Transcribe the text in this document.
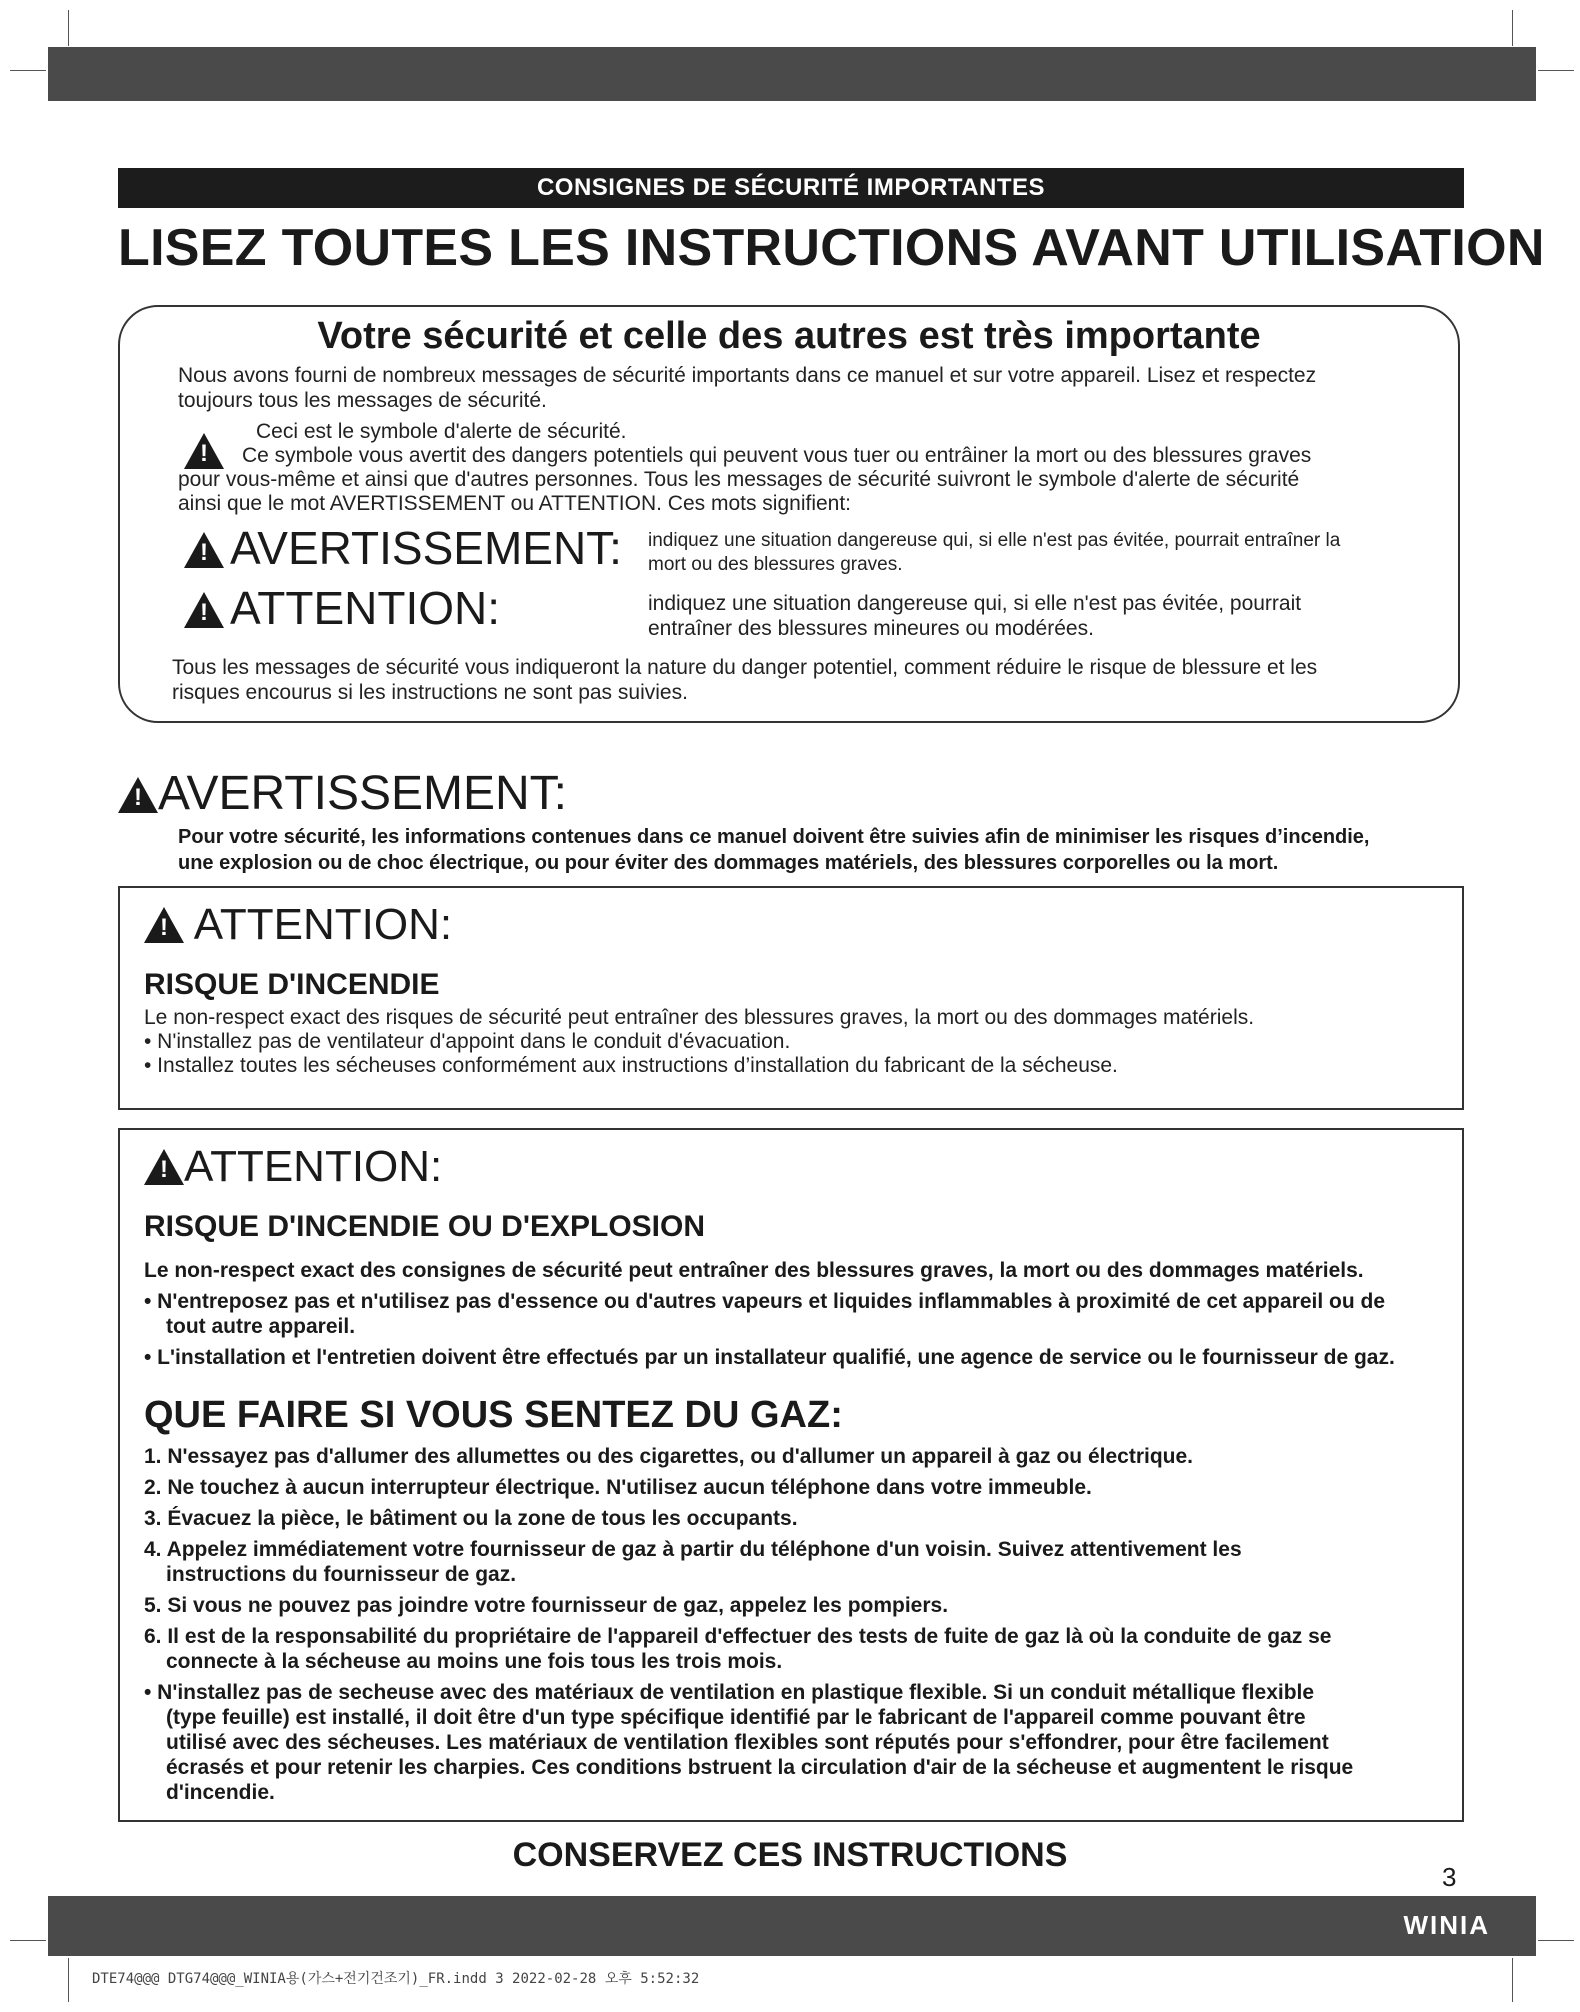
CONSIGNES DE SÉCURITÉ IMPORTANTES
LISEZ TOUTES LES INSTRUCTIONS AVANT UTILISATION
Votre sécurité et celle des autres est très importante
Nous avons fourni de nombreux messages de sécurité importants dans ce manuel et sur votre appareil. Lisez et respectez
toujours tous les messages de sécurité.
!
Ceci est le symbole d'alerte de sécurité.
Ce symbole vous avertit des dangers potentiels qui peuvent vous tuer ou entrâiner la mort ou des blessures graves
pour vous-même et ainsi que d'autres personnes. Tous les messages de sécurité suivront le symbole d'alerte de sécurité
ainsi que le mot AVERTISSEMENT ou ATTENTION. Ces mots signifient:
!AVERTISSEMENT: indiquez une situation dangereuse qui, si elle n'est pas évitée, pourrait entraîner la
mort ou des blessures graves.
!ATTENTION:	indiquez une situation dangereuse qui, si elle n'est pas évitée, pourrait
entraîner des blessures mineures ou modérées.
Tous les messages de sécurité vous indiqueront la nature du danger potentiel, comment réduire le risque de blessure et les
risques encourus si les instructions ne sont pas suivies.
!AVERTISSEMENT:
Pour votre sécurité, les informations contenues dans ce manuel doivent être suivies afin de minimiser les risques d’incendie,
une explosion ou de choc électrique, ou pour éviter des dommages matériels, des blessures corporelles ou la mort.
! ATTENTION:
RISQUE D'INCENDIE
Le non-respect exact des risques de sécurité peut entraîner des blessures graves, la mort ou des dommages matériels.
• N'installez pas de ventilateur d'appoint dans le conduit d'évacuation.
• Installez toutes les sécheuses conformément aux instructions d’installation du fabricant de la sécheuse.
!ATTENTION:
RISQUE D'INCENDIE OU D'EXPLOSION
Le non-respect exact des consignes de sécurité peut entraîner des blessures graves, la mort ou des dommages matériels.
• N'entreposez pas et n'utilisez pas d'essence ou d'autres vapeurs et liquides inflammables à proximité de cet appareil ou de
tout autre appareil.
• L'installation et l'entretien doivent être effectués par un installateur qualifié, une agence de service ou le fournisseur de gaz.
QUE FAIRE SI VOUS SENTEZ DU GAZ:
1. N'essayez pas d'allumer des allumettes ou des cigarettes, ou d'allumer un appareil à gaz ou électrique.
2. Ne touchez à aucun interrupteur électrique. N'utilisez aucun téléphone dans votre immeuble.
3. Évacuez la pièce, le bâtiment ou la zone de tous les occupants.
4. Appelez immédiatement votre fournisseur de gaz à partir du téléphone d'un voisin. Suivez attentivement les
instructions du fournisseur de gaz.
5. Si vous ne pouvez pas joindre votre fournisseur de gaz, appelez les pompiers.
6. Il est de la responsabilité du propriétaire de l'appareil d'effectuer des tests de fuite de gaz là où la conduite de gaz se
connecte à la sécheuse au moins une fois tous les trois mois.
• N'installez pas de secheuse avec des matériaux de ventilation en plastique flexible. Si un conduit métallique flexible
(type feuille) est installé, il doit être d'un type spécifique identifié par le fabricant de l'appareil comme pouvant être
utilisé avec des sécheuses. Les matériaux de ventilation flexibles sont réputés pour s'effondrer, pour être facilement
écrasés et pour retenir les charpies. Ces conditions bstruent la circulation d'air de la sécheuse et augmentent le risque
d'incendie.
CONSERVEZ CES INSTRUCTIONS
3
WINIA
DTE74@@@ DTG74@@@_WINIA용(가스+전기건조기)_FR.indd 3 2022-02-28 오후 5:52:32
